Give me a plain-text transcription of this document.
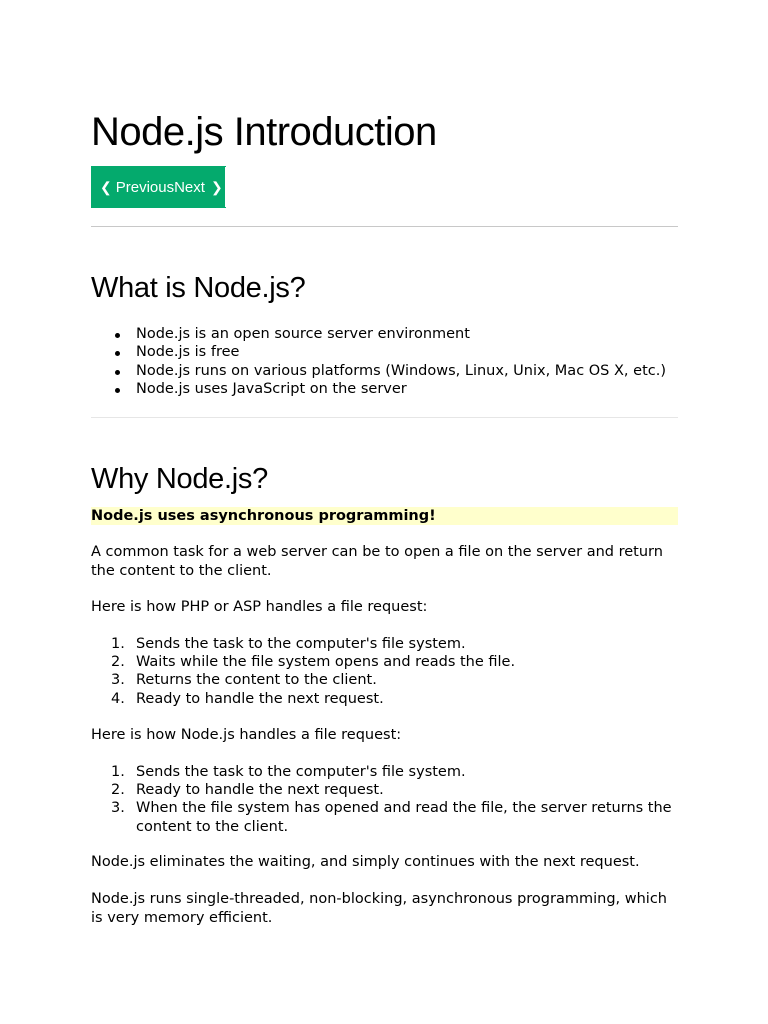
Node.js Introduction
❮ Previous Next ❯
What is Node.js?
Node.js is an open source server environment
Node.js is free
Node.js runs on various platforms (Windows, Linux, Unix, Mac OS X, etc.)
Node.js uses JavaScript on the server
Why Node.js?
Node.js uses asynchronous programming!

A common task for a web server can be to open a file on the server and return the content to the client.

Here is how PHP or ASP handles a file request:

1. Sends the task to the computer's file system.
2. Waits while the file system opens and reads the file.
3. Returns the content to the client.
4. Ready to handle the next request.

Here is how Node.js handles a file request:

1. Sends the task to the computer's file system.
2. Ready to handle the next request.
3. When the file system has opened and read the file, the server returns the content to the client.

Node.js eliminates the waiting, and simply continues with the next request.

Node.js runs single-threaded, non-blocking, asynchronous programming, which is very memory efficient.
